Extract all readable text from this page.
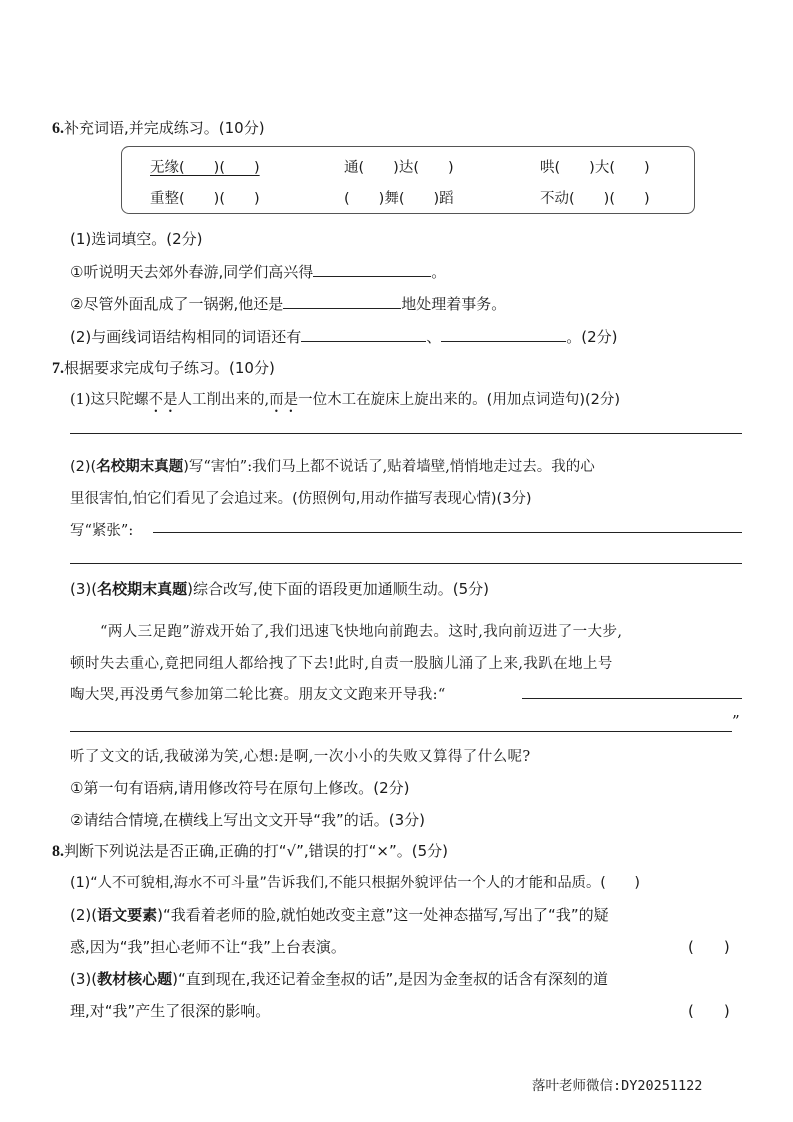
6.补充词语,并完成练习。(10分)
无缘(　　)(　　)	通(　　)达(　　)	哄(　　)大(　　)
重整(　　)(　　)	(　　)舞(　　)蹈	不动(　　)(　　)
(1)选词填空。(2分)
①听说明天去郊外春游,同学们高兴得	。
②尽管外面乱成了一锅粥,他还是	地处理着事务。
(2)与画线词语结构相同的词语还有	、	。(2分)
7.根据要求完成句子练习。(10分)
(1)这只陀螺不是人工削出来的,而是一位木工在旋床上旋出来的。(用加点词造句)(2分)
(2)(名校期末真题)写“害怕”:我们马上都不说话了,贴着墙壁,悄悄地走过去。我的心
里很害怕,怕它们看见了会追过来。(仿照例句,用动作描写表现心情)(3分)
写“紧张”:
(3)(名校期末真题)综合改写,使下面的语段更加通顺生动。(5分)
“两人三足跑”游戏开始了,我们迅速飞快地向前跑去。这时,我向前迈进了一大步,
顿时失去重心,竟把同组人都给拽了下去!此时,自责一股脑儿涌了上来,我趴在地上号
啕大哭,再没勇气参加第二轮比赛。朋友文文跑来开导我:“
”
听了文文的话,我破涕为笑,心想:是啊,一次小小的失败又算得了什么呢?
①第一句有语病,请用修改符号在原句上修改。(2分)
②请结合情境,在横线上写出文文开导“我”的话。(3分)
8.判断下列说法是否正确,正确的打“√”,错误的打“×”。(5分)
(1)“人不可貌相,海水不可斗量”告诉我们,不能只根据外貌评估一个人的才能和品质。(　　)
(2)(语文要素)“我看着老师的脸,就怕她改变主意”这一处神态描写,写出了“我”的疑
惑,因为“我”担心老师不让“我”上台表演。	(　　)
(3)(教材核心题)“直到现在,我还记着金奎叔的话”,是因为金奎叔的话含有深刻的道
理,对“我”产生了很深的影响。	(　　)
落叶老师微信:DY20251122
